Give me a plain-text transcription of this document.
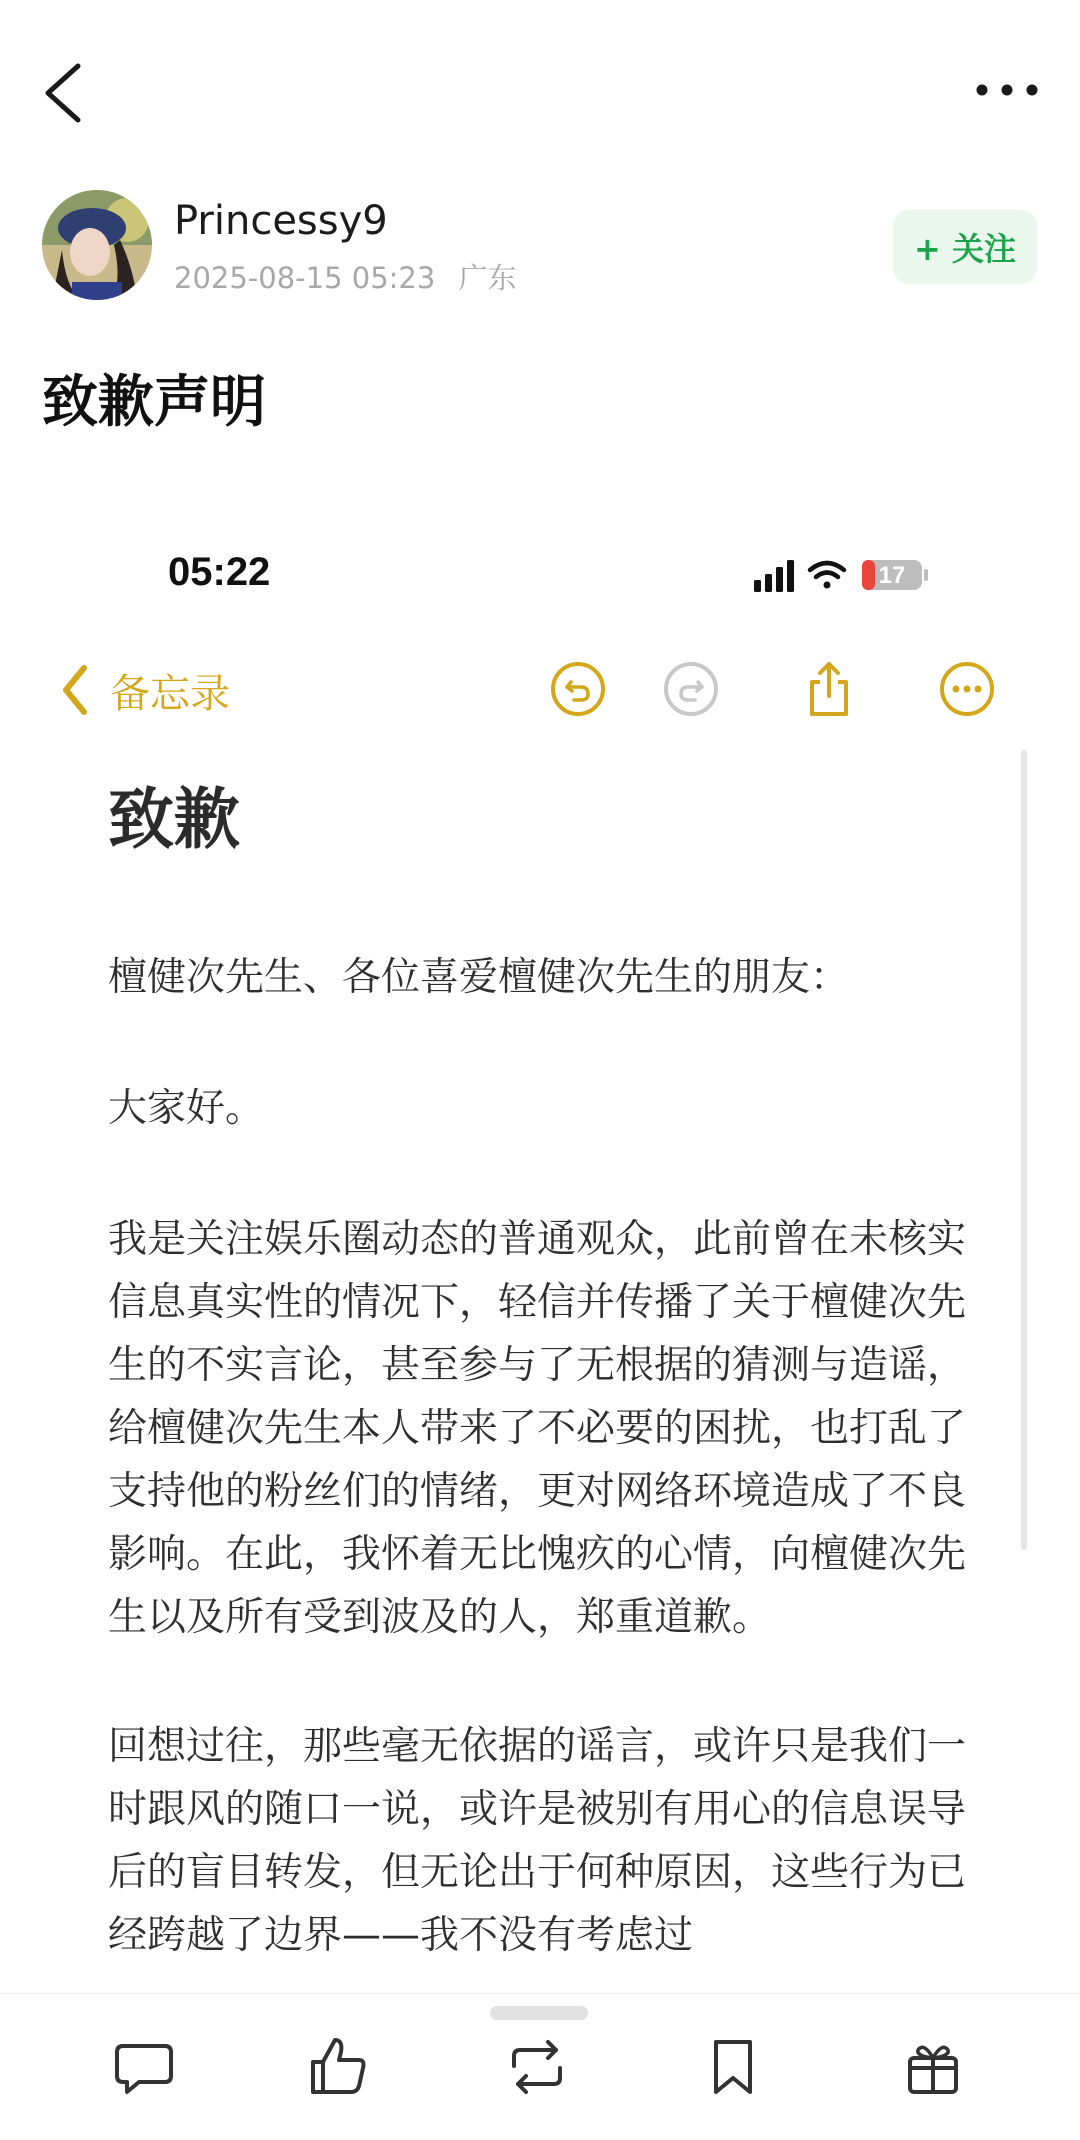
Princessy9
2025-08-15 05:23 广东
+ 关注
致歉声明
05:22	17
备忘录
致歉
檀健次先生、各位喜爱檀健次先生的朋友：
大家好。
我是关注娱乐圈动态的普通观众，此前曾在未核实信息真实性的情况下，轻信并传播了关于檀健次先生的不实言论，甚至参与了无根据的猜测与造谣，给檀健次先生本人带来了不必要的困扰，也打乱了支持他的粉丝们的情绪，更对网络环境造成了不良影响。在此，我怀着无比愧疚的心情，向檀健次先生以及所有受到波及的人，郑重道歉。
回想过往，那些毫无依据的谣言，或许只是我们一时跟风的随口一说，或许是被别有用心的信息误导后的盲目转发，但无论出于何种原因，这些行为已经跨越了边界——我不没有考虑过
